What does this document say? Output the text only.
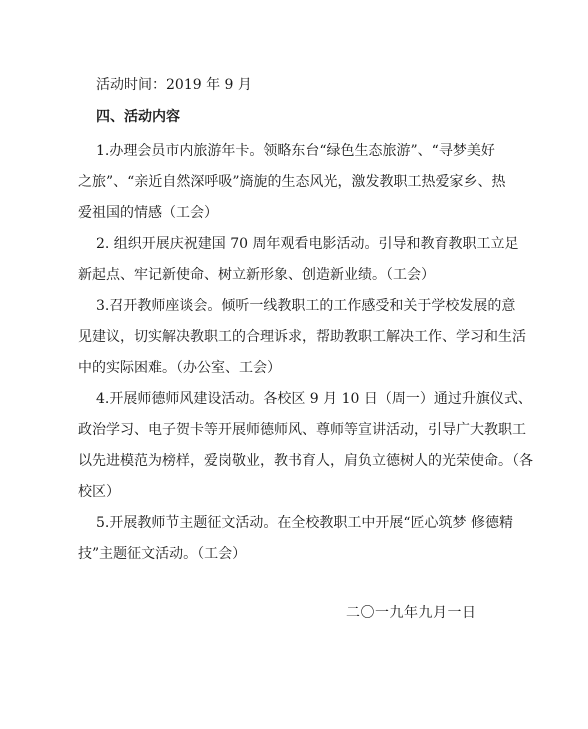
活动时间：2019 年 9 月
四、活动内容
1.办理会员市内旅游年卡。领略东台“绿色生态旅游”、“寻梦美好
之旅”、“亲近自然深呼吸”旖旎的生态风光，激发教职工热爱家乡、热
爱祖国的情感（工会）
2. 组织开展庆祝建国 70 周年观看电影活动。引导和教育教职工立足
新起点、牢记新使命、树立新形象、创造新业绩。（工会）
3.召开教师座谈会。倾听一线教职工的工作感受和关于学校发展的意
见建议，切实解决教职工的合理诉求，帮助教职工解决工作、学习和生活
中的实际困难。（办公室、工会）
4.开展师德师风建设活动。各校区 9 月 10 日（周一）通过升旗仪式、
政治学习、电子贺卡等开展师德师风、尊师等宣讲活动，引导广大教职工
以先进模范为榜样，爱岗敬业，教书育人，肩负立德树人的光荣使命。（各
校区）
5.开展教师节主题征文活动。在全校教职工中开展“匠心筑梦 修德精
技”主题征文活动。（工会）
二〇一九年九月一日
